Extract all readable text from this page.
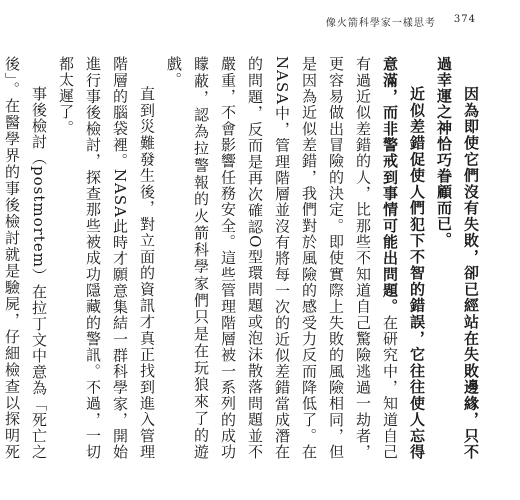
像火箭科學家一樣思考 374

因為即使它們沒有失敗，卻已經站在失敗邊緣，只不過幸運之神恰巧眷顧而已。

近似差錯促使人們犯下不智的錯誤，它往往使人忘得意滿，而非警戒到事情可能出問題。在研究中，知道自己有過近似差錯的人，比那些不知道自己驚險逃過一劫者，更容易做出冒險的決定。即使實際上失敗的風險相同，但是因為近似差錯，我們對於風險的感受力反而降低了。在NASA中，管理階層並沒有將每一次的近似差錯當成潛在的問題，反而是再次確認O型環問題或泡沫散落問題並不嚴重，不會影響任務安全。這些管理階層被一系列的成功矇蔽，認為拉警報的火箭科學家們只是在玩狼來了的遊戲。

直到災難發生後，對立面的資訊才真正找到進入管理階層的腦袋裡。NASA此時才願意集結一群科學家，開始進行事後檢討，探查那些被成功隱藏的警訊。不過，一切都太遲了。

事後檢討（postmortem）在拉丁文中意為「死亡之後」。在醫學界的事後檢討就是驗屍，仔細檢查以探明死
